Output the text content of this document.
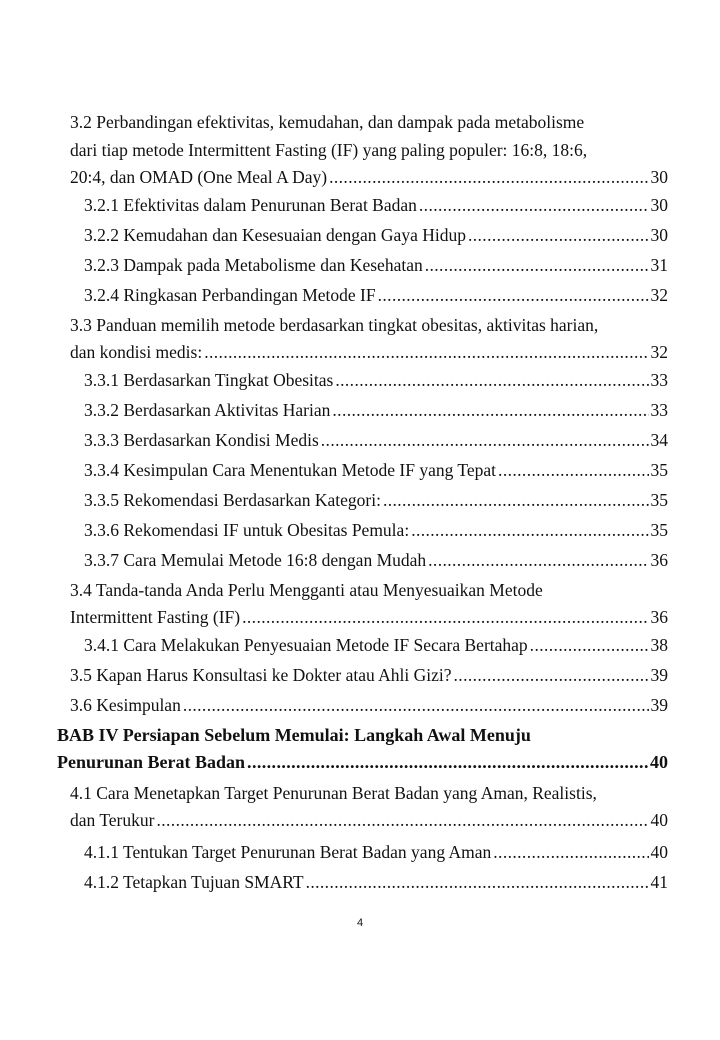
3.2 Perbandingan efektivitas, kemudahan, dan dampak pada metabolisme
dari tiap metode Intermittent Fasting (IF) yang paling populer: 16:8, 18:6,
20:4, dan OMAD (One Meal A Day) .....	30
3.2.1 Efektivitas dalam Penurunan Berat Badan .....	30
3.2.2 Kemudahan dan Kesesuaian dengan Gaya Hidup .....	30
3.2.3 Dampak pada Metabolisme dan Kesehatan .....	31
3.2.4 Ringkasan Perbandingan Metode IF .....	32
3.3 Panduan memilih metode berdasarkan tingkat obesitas, aktivitas harian,
dan kondisi medis: .....	32
3.3.1 Berdasarkan Tingkat Obesitas .....	33
3.3.2 Berdasarkan Aktivitas Harian .....	33
3.3.3 Berdasarkan Kondisi Medis .....	34
3.3.4 Kesimpulan Cara Menentukan Metode IF yang Tepat .....	35
3.3.5 Rekomendasi Berdasarkan Kategori: .....	35
3.3.6 Rekomendasi IF untuk Obesitas Pemula: .....	35
3.3.7 Cara Memulai Metode 16:8 dengan Mudah .....	36
3.4 Tanda-tanda Anda Perlu Mengganti atau Menyesuaikan Metode
Intermittent Fasting (IF) .....	36
3.4.1 Cara Melakukan Penyesuaian Metode IF Secara Bertahap .....	38
3.5 Kapan Harus Konsultasi ke Dokter atau Ahli Gizi? .....	39
3.6 Kesimpulan .....	39
BAB IV Persiapan Sebelum Memulai: Langkah Awal Menuju
Penurunan Berat Badan .....	40
4.1 Cara Menetapkan Target Penurunan Berat Badan yang Aman, Realistis,
dan Terukur .....	40
4.1.1 Tentukan Target Penurunan Berat Badan yang Aman .....	40
4.1.2 Tetapkan Tujuan SMART .....	41
4
